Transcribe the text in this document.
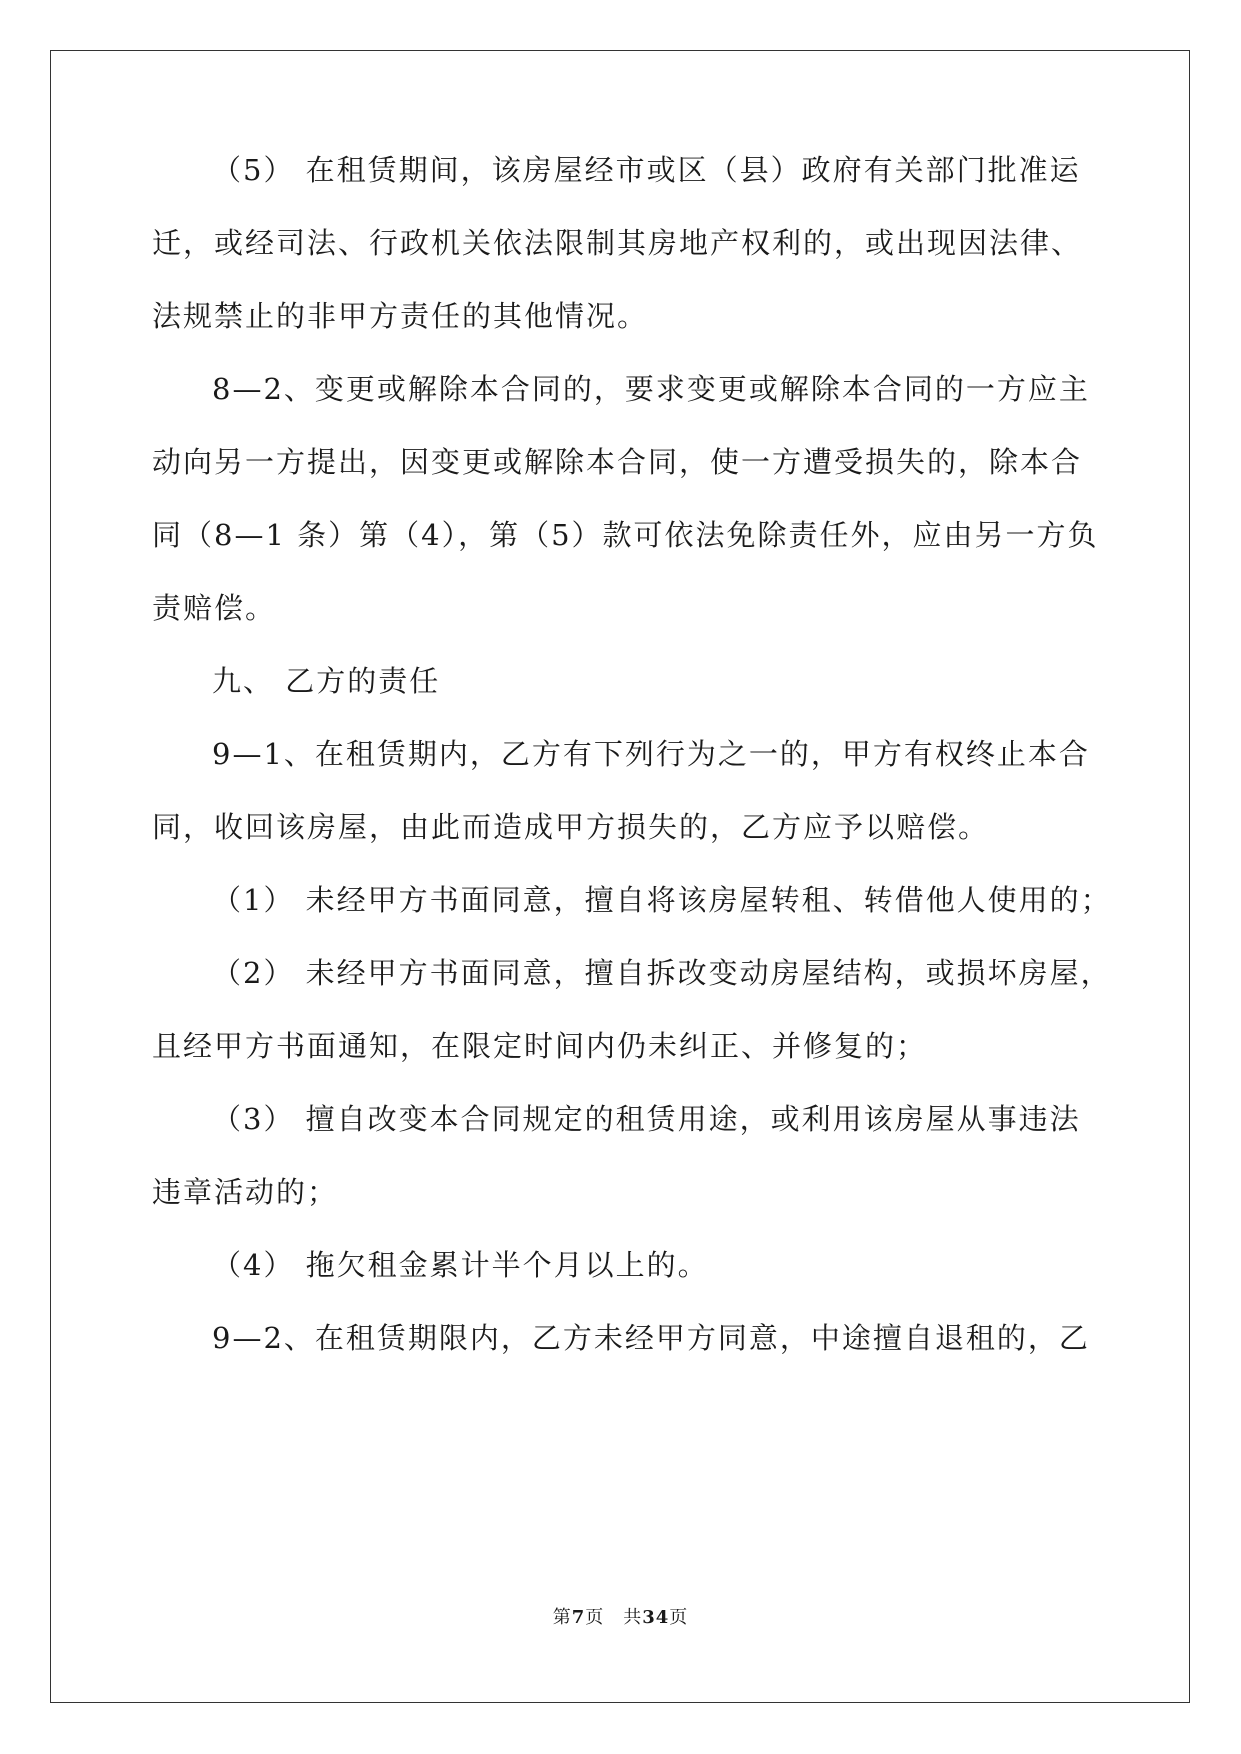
（5） 在租赁期间，该房屋经市或区（县）政府有关部门批准运
迁，或经司法、行政机关依法限制其房地产权利的，或出现因法律、
法规禁止的非甲方责任的其他情况。
8—2、变更或解除本合同的，要求变更或解除本合同的一方应主
动向另一方提出，因变更或解除本合同，使一方遭受损失的，除本合
同（8—1 条）第（4），第（5）款可依法免除责任外，应由另一方负
责赔偿。
九、 乙方的责任
9—1、在租赁期内，乙方有下列行为之一的，甲方有权终止本合
同，收回该房屋，由此而造成甲方损失的，乙方应予以赔偿。
（1） 未经甲方书面同意，擅自将该房屋转租、转借他人使用的；
（2） 未经甲方书面同意，擅自拆改变动房屋结构，或损坏房屋，
且经甲方书面通知，在限定时间内仍未纠正、并修复的；
（3） 擅自改变本合同规定的租赁用途，或利用该房屋从事违法
违章活动的；
（4） 拖欠租金累计半个月以上的。
9—2、在租赁期限内，乙方未经甲方同意，中途擅自退租的，乙
第7页　共34页
